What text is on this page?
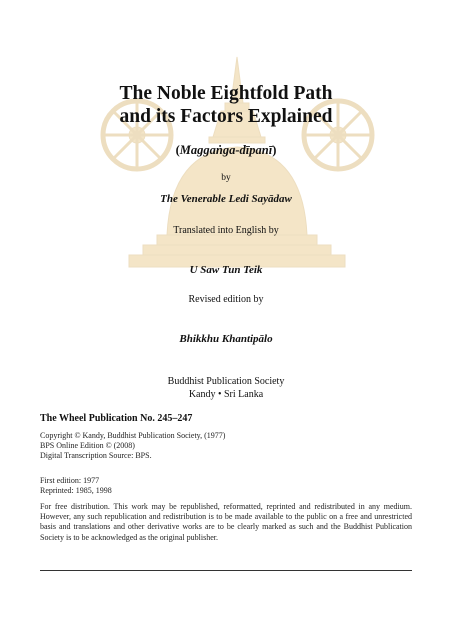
The Noble Eightfold Path
and its Factors Explained
(Maggaṅga-dīpanī)
by
The Venerable Ledi Sayādaw
Translated into English by
U Saw Tun Teik
Revised edition by
Bhikkhu Khantipālo
Buddhist Publication Society
Kandy • Sri Lanka
The Wheel Publication No. 245–247
Copyright © Kandy, Buddhist Publication Society, (1977)
BPS Online Edition © (2008)
Digital Transcription Source: BPS.
First edition: 1977
Reprinted: 1985, 1998
For free distribution. This work may be republished, reformatted, reprinted and redistributed in any medium. However, any such republication and redistribution is to be made available to the public on a free and unrestricted basis and translations and other derivative works are to be clearly marked as such and the Buddhist Publication Society is to be acknowledged as the original publisher.
